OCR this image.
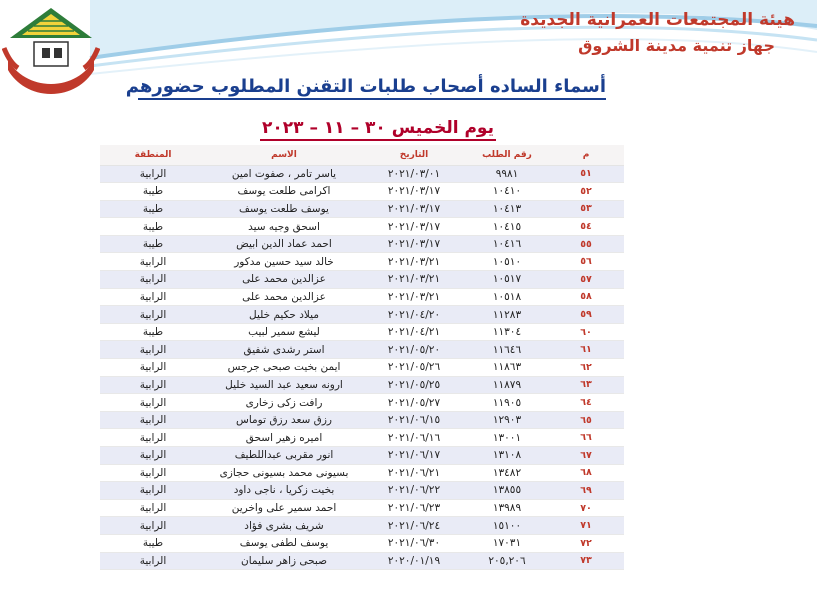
هيئة المجتمعات العمرانية الجديدة
جهاز تنمية مدينة الشروق
أسماء الساده أصحاب طلبات التقنن المطلوب حضورهم
يوم الخميس ٣٠ – ١١ – ٢٠٢٣
م	رقم الطلب	التاريخ	الاسم	المنطقة
٥١	٩٩٨١	٢٠٢١/٠٣/٠١	ياسر تامر ، صفوت امين	الرابية
٥٢	١٠٤١٠	٢٠٢١/٠٣/١٧	اكرامى طلعت يوسف	طيبة
٥٣	١٠٤١٣	٢٠٢١/٠٣/١٧	يوسف طلعت يوسف	طيبة
٥٤	١٠٤١٥	٢٠٢١/٠٣/١٧	اسحق وجيه سيد	طيبة
٥٥	١٠٤١٦	٢٠٢١/٠٣/١٧	احمد عماد الدين ابيض	طيبة
٥٦	١٠٥١٠	٢٠٢١/٠٣/٢١	خالد سيد حسين مدكور	الرابية
٥٧	١٠٥١٧	٢٠٢١/٠٣/٢١	عزالدين محمد على	الرابية
٥٨	١٠٥١٨	٢٠٢١/٠٣/٢١	عزالدين محمد على	الرابية
٥٩	١١٢٨٣	٢٠٢١/٠٤/٢٠	ميلاد حكيم خليل	الرابية
٦٠	١١٣٠٤	٢٠٢١/٠٤/٢١	ليشع سمير لبيب	طيبة
٦١	١١٦٤٦	٢٠٢١/٠٥/٢٠	استر رشدى شفيق	الرابية
٦٢	١١٨٦٣	٢٠٢١/٠٥/٢٦	ايمن بخيت صبحى جرجس	الرابية
٦٣	١١٨٧٩	٢٠٢١/٠٥/٢٥	ارونه سعيد عبد السيد خليل	الرابية
٦٤	١١٩٠٥	٢٠٢١/٠٥/٢٧	رافت زكى زخارى	الرابية
٦٥	١٢٩٠٣	٢٠٢١/٠٦/١٥	رزق سعد رزق توماس	الرابية
٦٦	١٣٠٠١	٢٠٢١/٠٦/١٦	اميره زهير اسحق	الرابية
٦٧	١٣١٠٨	٢٠٢١/٠٦/١٧	انور مقربى عبداللطيف	الرابية
٦٨	١٣٤٨٢	٢٠٢١/٠٦/٢١	بسيونى محمد بسيونى حجازى	الرابية
٦٩	١٣٨٥٥	٢٠٢١/٠٦/٢٢	بخيت زكريا ، ناجى داود	الرابية
٧٠	١٣٩٨٩	٢٠٢١/٠٦/٢٣	احمد سمير على واخرين	الرابية
٧١	١٥١٠٠	٢٠٢١/٠٦/٢٤	شريف بشرى فؤاد	الرابية
٧٢	١٧٠٣١	٢٠٢١/٠٦/٣٠	يوسف لطفى يوسف	طيبة
٧٣	٢٠٥,٢٠٦	٢٠٢٠/٠١/١٩	صبحى زاهر سليمان	الرابية
